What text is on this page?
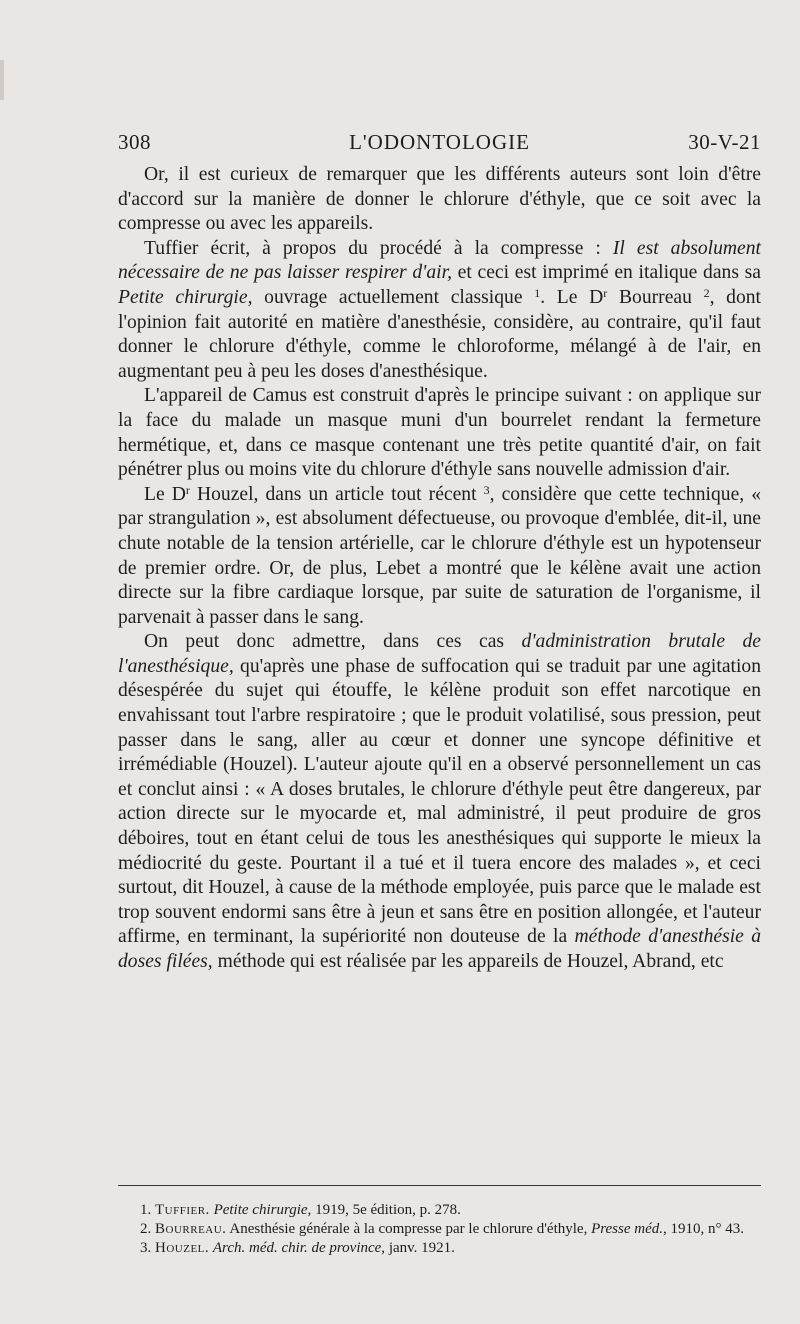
308	L'ODONTOLOGIE	30-V-21

Or, il est curieux de remarquer que les différents auteurs sont loin d'être d'accord sur la manière de donner le chlorure d'éthyle, que ce soit avec la compresse ou avec les appareils.

Tuffier écrit, à propos du procédé à la compresse : Il est absolument nécessaire de ne pas laisser respirer d'air, et ceci est imprimé en italique dans sa Petite chirurgie, ouvrage actuellement classique $^1$. Le $D^r$ Bourreau $^2$, dont l'opinion fait autorité en matière d'anesthésie, considère, au contraire, qu'il faut donner le chlorure d'éthyle, comme le chloroforme, mélangé à de l'air, en augmentant peu à peu les doses d'anesthésique.

L'appareil de Camus est construit d'après le principe suivant : on applique sur la face du malade un masque muni d'un bourrelet rendant la fermeture hermétique, et, dans ce masque contenant une très petite quantité d'air, on fait pénétrer plus ou moins vite du chlorure d'éthyle sans nouvelle admission d'air.

Le $D^r$ Houzel, dans un article tout récent $^3$, considère que cette technique, « par strangulation », est absolument défectueuse, ou provoque d'emblée, dit-il, une chute notable de la tension artérielle, car le chlorure d'éthyle est un hypotenseur de premier ordre. Or, de plus, Lebet a montré que le kélène avait une action directe sur la fibre cardiaque lorsque, par suite de saturation de l'organisme, il parvenait à passer dans le sang.

On peut donc admettre, dans ces cas d'administration brutale de l'anesthésique, qu'après une phase de suffocation qui se traduit par une agitation désespérée du sujet qui étouffe, le kélène produit son effet narcotique en envahissant tout l'arbre respiratoire ; que le produit volatilisé, sous pression, peut passer dans le sang, aller au cœur et donner une syncope définitive et irrémédiable (Houzel). L'auteur ajoute qu'il en a observé personnellement un cas et conclut ainsi : « A doses brutales, le chlorure d'éthyle peut être dangereux, par action directe sur le myocarde et, mal administré, il peut produire de gros déboires, tout en étant celui de tous les anesthésiques qui supporte le mieux la médiocrité du geste. Pourtant il a tué et il tuera encore des malades », et ceci surtout, dit Houzel, à cause de la méthode employée, puis parce que le malade est trop souvent endormi sans être à jeun et sans être en position allongée, et l'auteur affirme, en terminant, la supériorité non douteuse de la méthode d'anesthésie à doses filées, méthode qui est réalisée par les appareils de Houzel, Abrand, etc

1. Tuffier. Petite chirurgie, 1919, 5e édition, p. 278.

2. Bourreau. Anesthésie générale à la compresse par le chlorure d'éthyle, Presse méd., 1910, n° 43.

3. Houzel. Arch. méd. chir. de province, janv. 1921.
